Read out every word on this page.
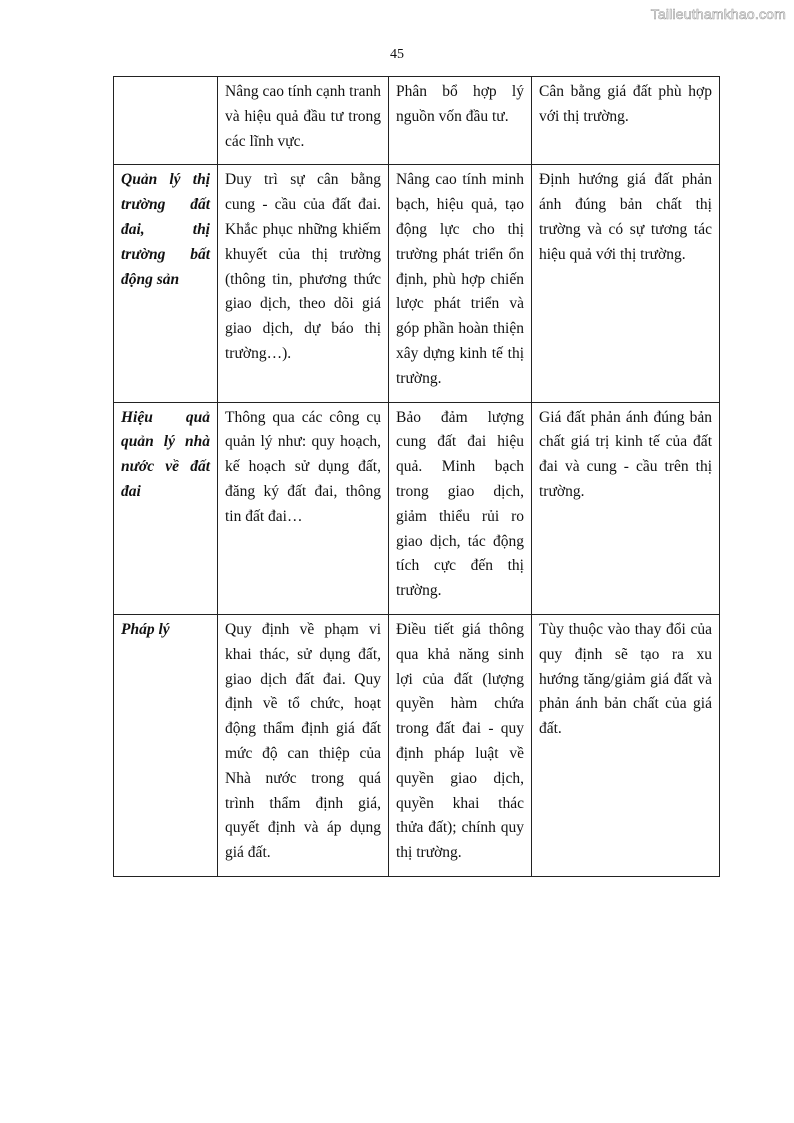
Tailieuthamkhao.com
45
	Nâng cao tính cạnh tranh và hiệu quả đầu tư trong các lĩnh vực.	Phân bổ hợp lý nguồn vốn đầu tư.	Cân bằng giá đất phù hợp với thị trường.
Quản lý thị trường đất đai, thị trường bất động sản	Duy trì sự cân bằng cung - cầu của đất đai. Khắc phục những khiếm khuyết của thị trường (thông tin, phương thức giao dịch, theo dõi giá giao dịch, dự báo thị trường…).	Nâng cao tính minh bạch, hiệu quả, tạo động lực cho thị trường phát triển ổn định, phù hợp chiến lược phát triển và góp phần hoàn thiện xây dựng kinh tế thị trường.	Định hướng giá đất phản ánh đúng bản chất thị trường và có sự tương tác hiệu quả với thị trường.
Hiệu quả quản lý nhà nước về đất đai	Thông qua các công cụ quản lý như: quy hoạch, kế hoạch sử dụng đất, đăng ký đất đai, thông tin đất đai…	Bảo đảm lượng cung đất đai hiệu quả. Minh bạch trong giao dịch, giảm thiểu rủi ro giao dịch, tác động tích cực đến thị trường.	Giá đất phản ánh đúng bản chất giá trị kinh tế của đất đai và cung - cầu trên thị trường.
Pháp lý	Quy định về phạm vi khai thác, sử dụng đất, giao dịch đất đai. Quy định về tổ chức, hoạt động thẩm định giá đất mức độ can thiệp của Nhà nước trong quá trình thẩm định giá, quyết định và áp dụng giá đất.	Điều tiết giá thông qua khả năng sinh lợi của đất (lượng quyền hàm chứa trong đất đai - quy định pháp luật về quyền giao dịch, quyền khai thác thửa đất); chính quy thị trường.	Tùy thuộc vào thay đổi của quy định sẽ tạo ra xu hướng tăng/giảm giá đất và phản ánh bản chất của giá đất.
